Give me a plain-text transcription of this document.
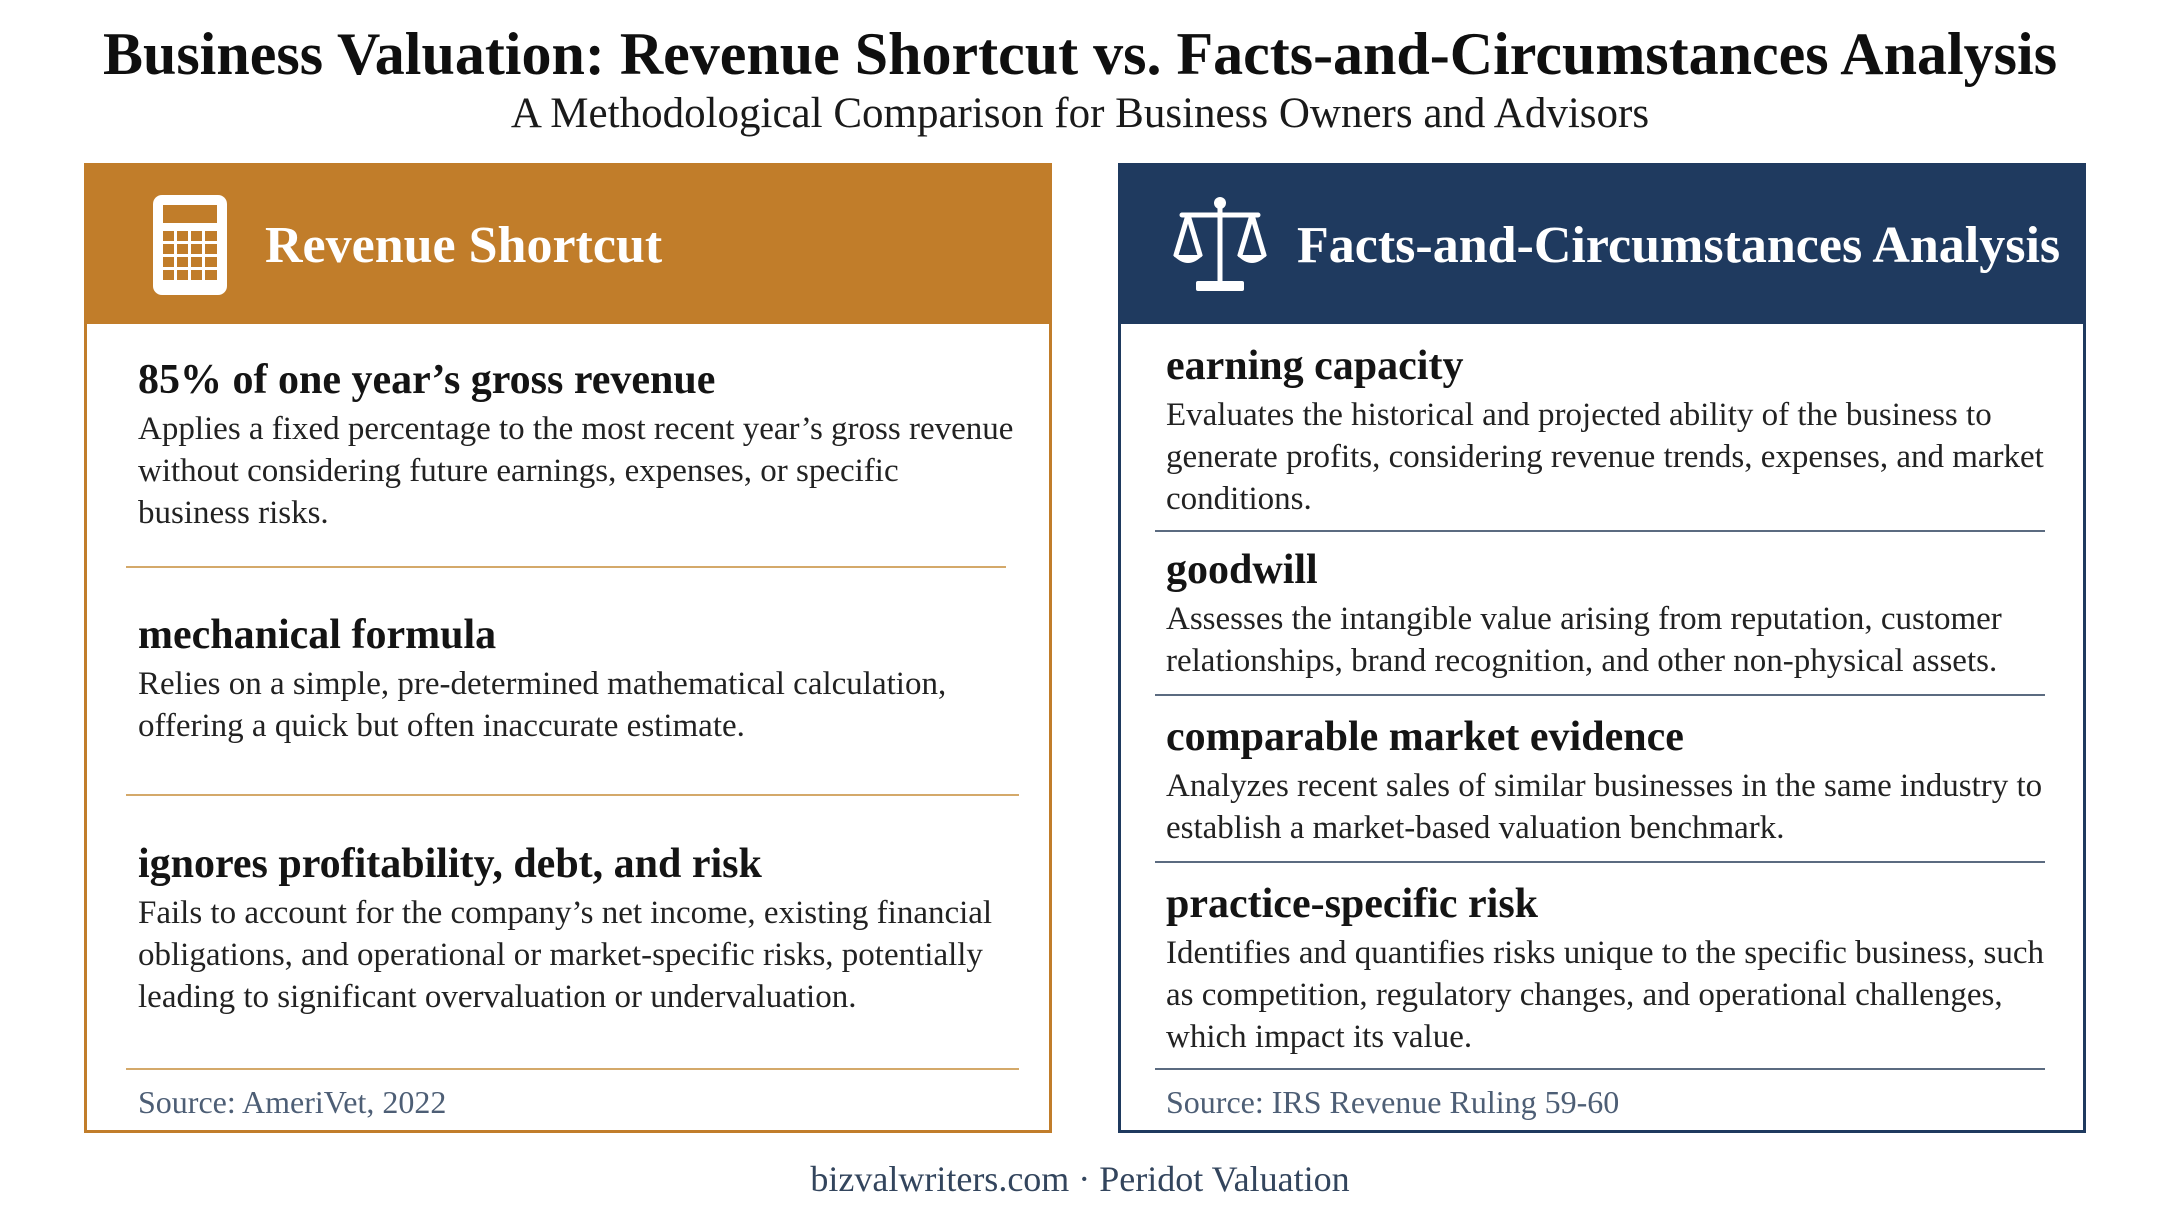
Business Valuation: Revenue Shortcut vs. Facts-and-Circumstances Analysis
A Methodological Comparison for Business Owners and Advisors
Revenue Shortcut
85% of one year’s gross revenue
Applies a fixed percentage to the most recent year’s gross revenue without considering future earnings, expenses, or specific business risks.
mechanical formula
Relies on a simple, pre-determined mathematical calculation, offering a quick but often inaccurate estimate.
ignores profitability, debt, and risk
Fails to account for the company’s net income, existing financial obligations, and operational or market-specific risks, potentially leading to significant overvaluation or undervaluation.
Source: AmeriVet, 2022
Facts-and-Circumstances Analysis
earning capacity
Evaluates the historical and projected ability of the business to generate profits, considering revenue trends, expenses, and market conditions.
goodwill
Assesses the intangible value arising from reputation, customer relationships, brand recognition, and other non-physical assets.
comparable market evidence
Analyzes recent sales of similar businesses in the same industry to establish a market-based valuation benchmark.
practice-specific risk
Identifies and quantifies risks unique to the specific business, such as competition, regulatory changes, and operational challenges, which impact its value.
Source: IRS Revenue Ruling 59-60
bizvalwriters.com · Peridot Valuation
